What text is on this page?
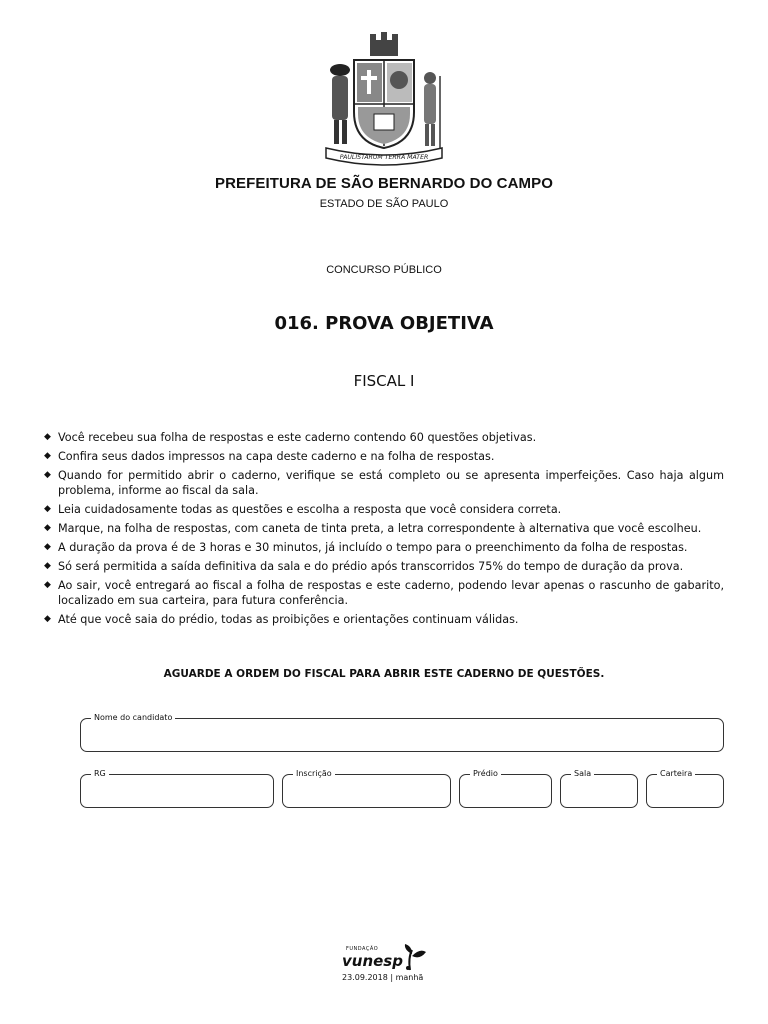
PAULISTARUM TERRA MATER
PREFEITURA DE SÃO BERNARDO DO CAMPO
ESTADO DE SÃO PAULO
CONCURSO PÚBLICO
016. PROVA OBJETIVA
FISCAL I
◆ Você recebeu sua folha de respostas e este caderno contendo 60 questões objetivas.
◆ Confira seus dados impressos na capa deste caderno e na folha de respostas.
◆ Quando for permitido abrir o caderno, verifique se está completo ou se apresenta imperfeições. Caso haja algum problema, informe ao fiscal da sala.
◆ Leia cuidadosamente todas as questões e escolha a resposta que você considera correta.
◆ Marque, na folha de respostas, com caneta de tinta preta, a letra correspondente à alternativa que você escolheu.
◆ A duração da prova é de 3 horas e 30 minutos, já incluído o tempo para o preenchimento da folha de respostas.
◆ Só será permitida a saída definitiva da sala e do prédio após transcorridos 75% do tempo de duração da prova.
◆ Ao sair, você entregará ao fiscal a folha de respostas e este caderno, podendo levar apenas o rascunho de gabarito, localizado em sua carteira, para futura conferência.
◆ Até que você saia do prédio, todas as proibições e orientações continuam válidas.
AGUARDE A ORDEM DO FISCAL PARA ABRIR ESTE CADERNO DE QUESTÕES.
Nome do candidato
RG	Inscrição	Prédio	Sala	Carteira
FUNDAÇÃO
vunesp
23.09.2018 | manhã
